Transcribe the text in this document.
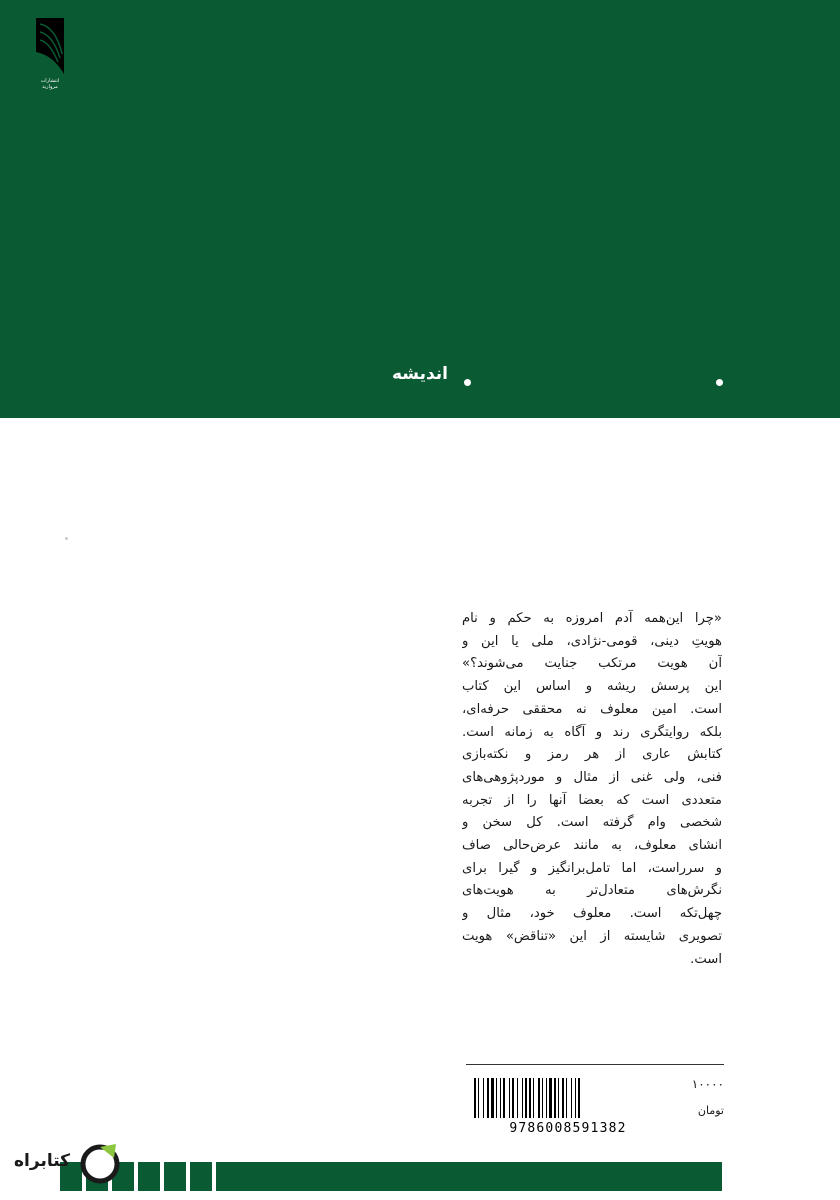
انتشارات
مروارید
اندیشه
«چرا این‌همه آدم امروزه به حکم و نام
هویتِ دینی، قومی-نژادی، ملی یا این و
آن هویت مرتکب جنایت می‌شوند؟»
این پرسش ریشه و اساس این کتاب
است. امین معلوف نه محققی حرفه‌ای،
بلکه روایتگری رند و آگاه به زمانه است.
کتابش عاری از هر رمز و نکته‌بازی
فنی، ولی غنی از مثال و موردپژوهی‌های
متعددی است که بعضا آنها را از تجربه
شخصی وام گرفته است. کل سخن و
انشای معلوف، به مانند عرض‌حالی صاف
و سرراست، اما تامل‌برانگیز و گیرا برای
نگرش‌های متعادل‌تر به هویت‌های
چهل‌تکه است. معلوف خود، مثال و
تصویری شایسته از این «تناقض» هویت
است.
9786008591382
۱۰۰۰۰
تومان
کتابراه
